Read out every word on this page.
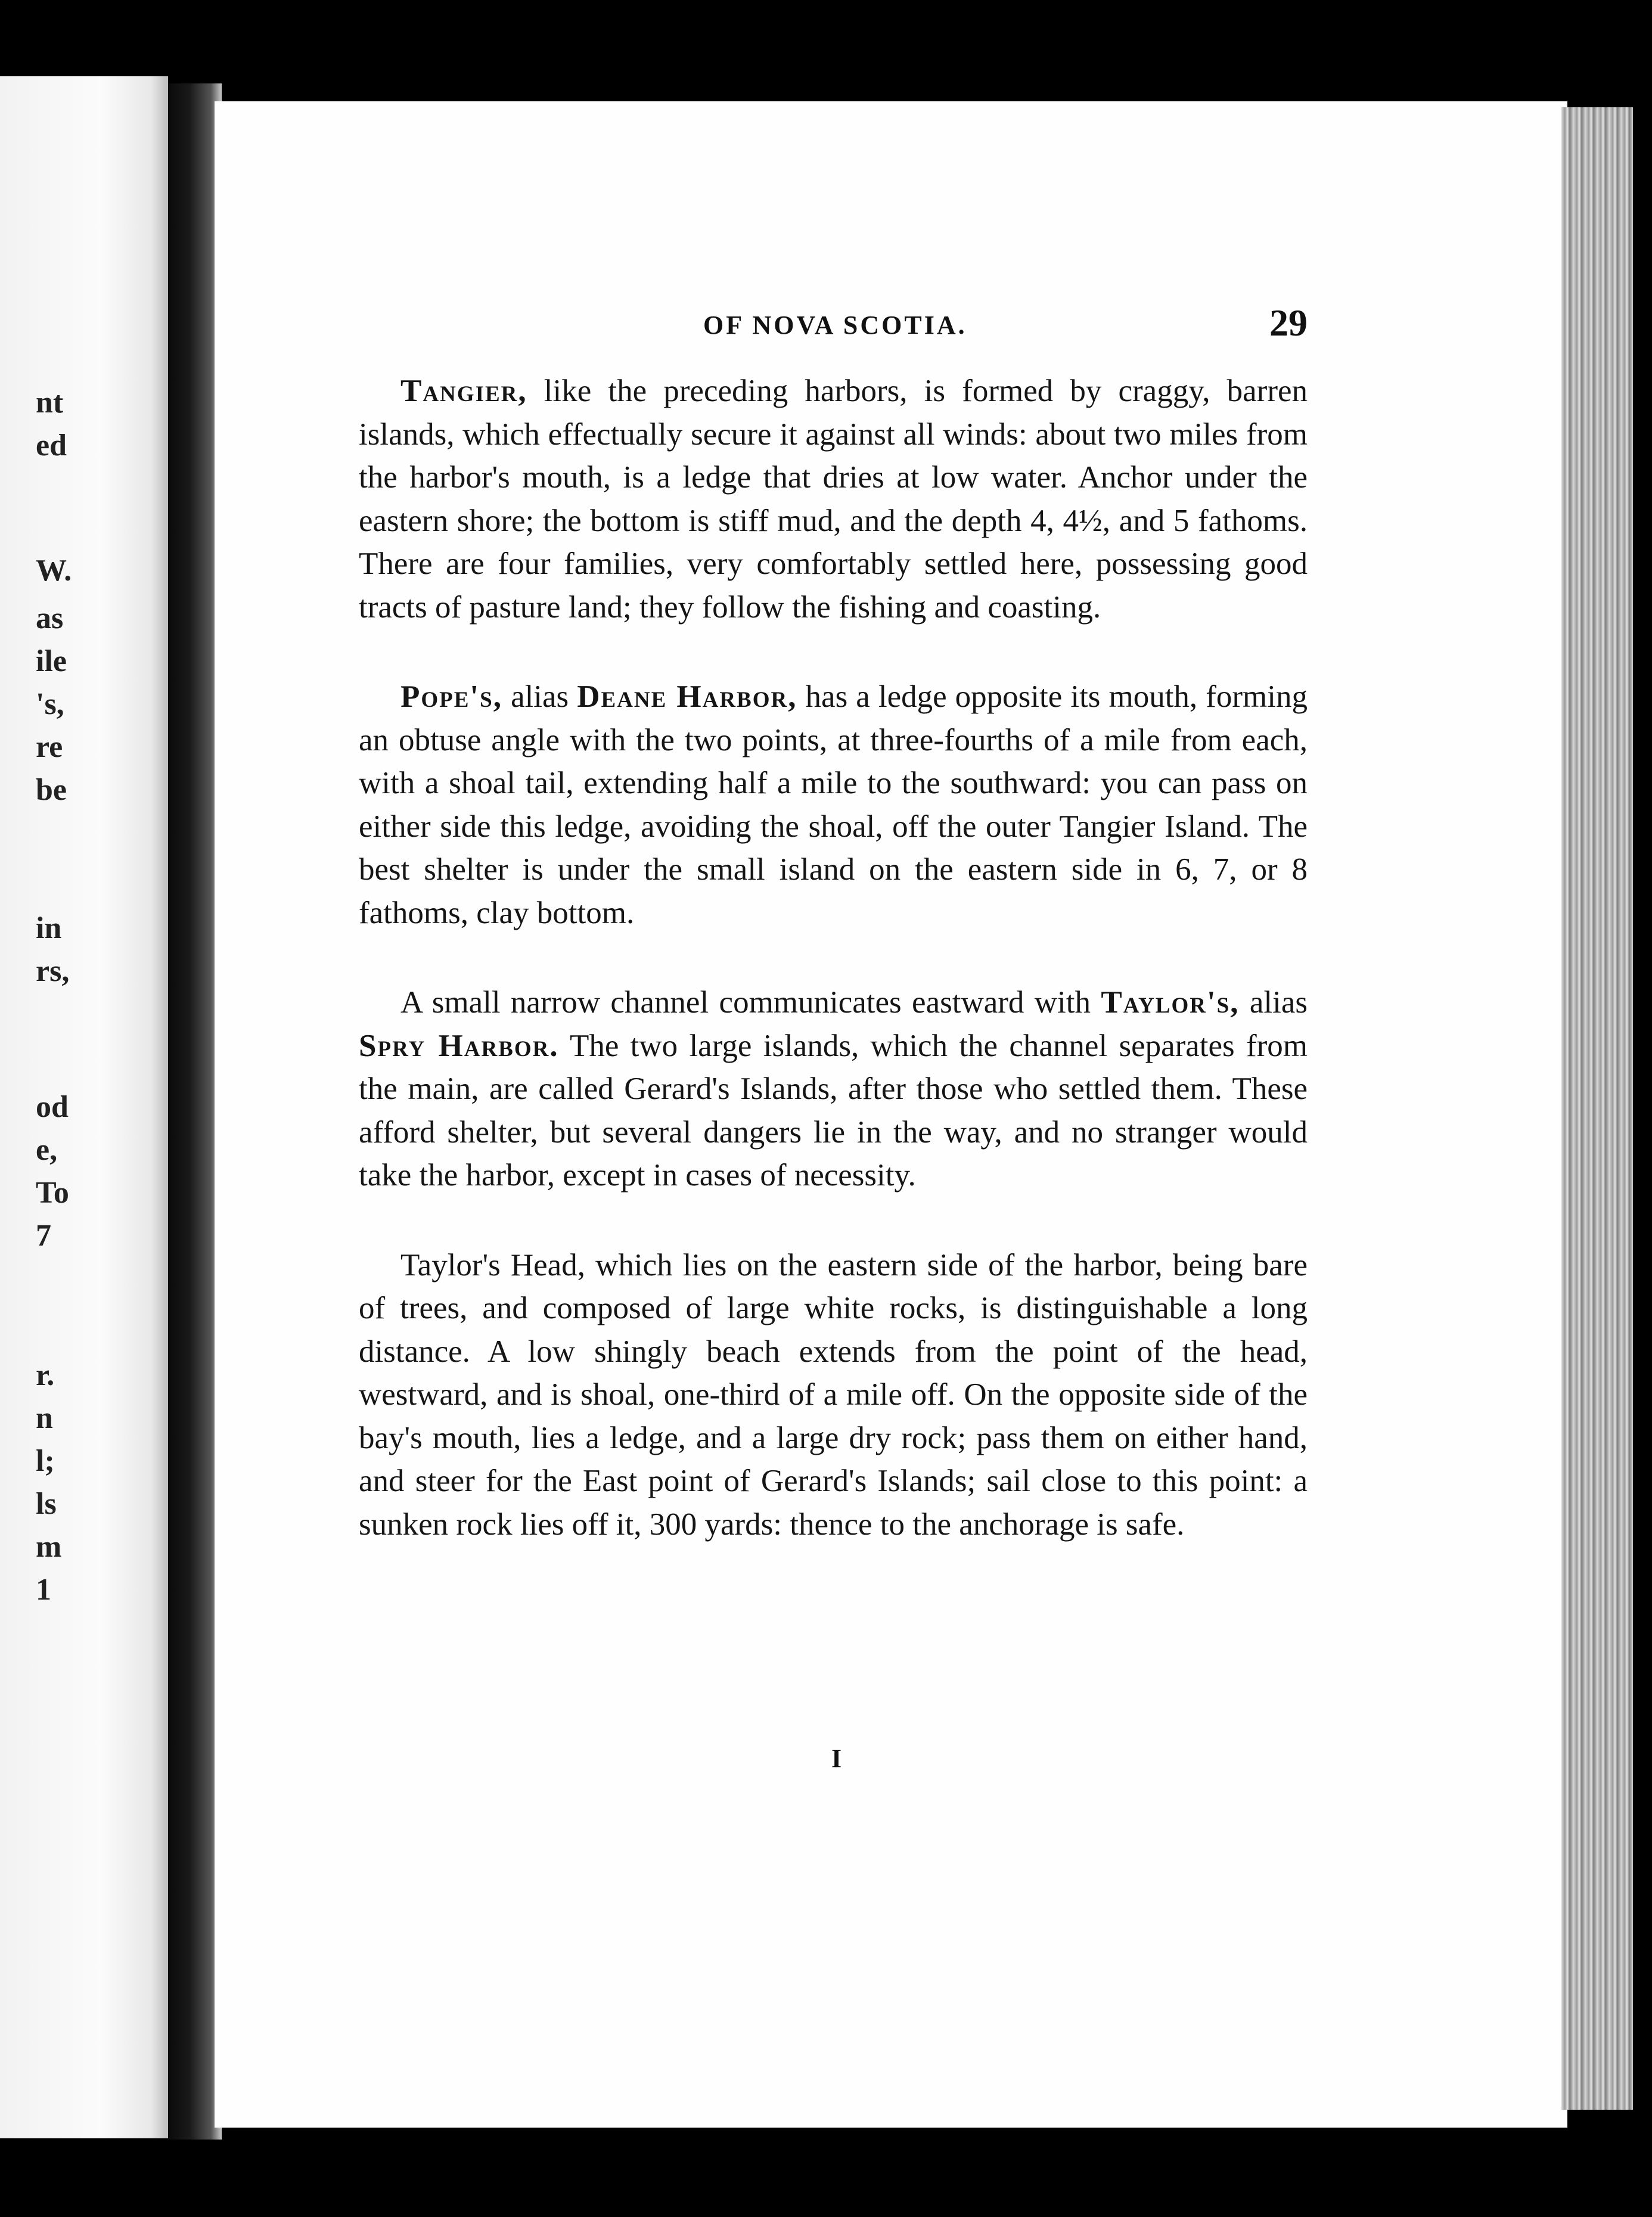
nt
ed
W.
as
ile
's,
re
be
in
rs,
od
e,
To
7
r.
n
l;
ls
m
1
OF NOVA SCOTIA.	29

Tangier, like the preceding harbors, is formed by craggy, barren islands, which effectually secure it against all winds: about two miles from the harbor's mouth, is a ledge that dries at low water. Anchor under the eastern shore; the bottom is stiff mud, and the depth 4, 4½, and 5 fathoms. There are four families, very comfortably settled here, possessing good tracts of pasture land; they follow the fishing and coasting.

Pope's, alias Deane Harbor, has a ledge opposite its mouth, forming an obtuse angle with the two points, at three-fourths of a mile from each, with a shoal tail, extending half a mile to the southward: you can pass on either side this ledge, avoiding the shoal, off the outer Tangier Island. The best shelter is under the small island on the eastern side in 6, 7, or 8 fathoms, clay bottom.

A small narrow channel communicates eastward with Taylor's, alias Spry Harbor. The two large islands, which the channel separates from the main, are called Gerard's Islands, after those who settled them. These afford shelter, but several dangers lie in the way, and no stranger would take the harbor, except in cases of necessity.

Taylor's Head, which lies on the eastern side of the harbor, being bare of trees, and composed of large white rocks, is distinguishable a long distance. A low shingly beach extends from the point of the head, westward, and is shoal, one-third of a mile off. On the opposite side of the bay's mouth, lies a ledge, and a large dry rock; pass them on either hand, and steer for the East point of Gerard's Islands; sail close to this point: a sunken rock lies off it, 300 yards: thence to the anchorage is safe.

I
